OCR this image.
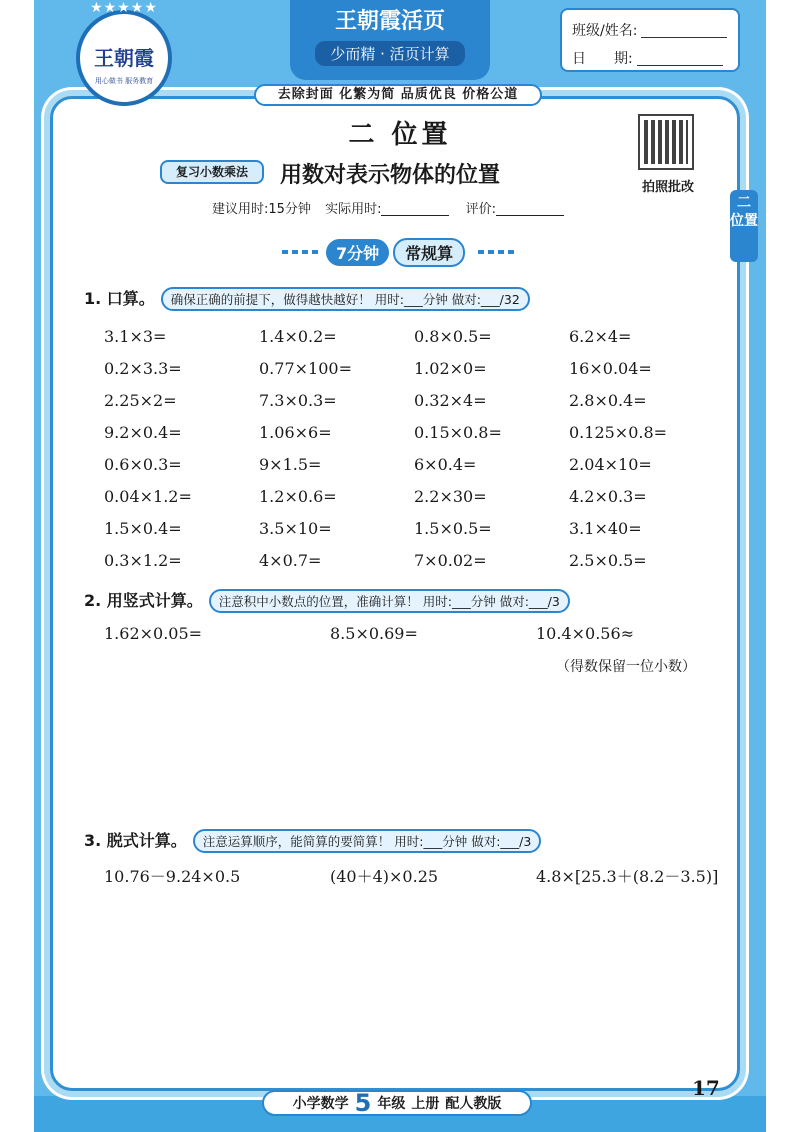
★★★★★
王朝霞
用心做书 服务教育
王朝霞活页
少而精 · 活页计算
班级/姓名:
日　　期:
去除封面 化繁为简 品质优良 价格公道
拍照批改
二 位置
二 位置
复习小数乘法	用数对表示物体的位置
建议用时:15分钟 实际用时:	评价:
7分钟	常规算
1. 口算。 确保正确的前提下，做得越快越好！ 用时:___分钟 做对:___/32
3.1×3=	1.4×0.2=	0.8×0.5=	6.2×4=
0.2×3.3=	0.77×100=	1.02×0=	16×0.04=
2.25×2=	7.3×0.3=	0.32×4=	2.8×0.4=
9.2×0.4=	1.06×6=	0.15×0.8=	0.125×0.8=
0.6×0.3=	9×1.5=	6×0.4=	2.04×10=
0.04×1.2=	1.2×0.6=	2.2×30=	4.2×0.3=
1.5×0.4=	3.5×10=	1.5×0.5=	3.1×40=
0.3×1.2=	4×0.7=	7×0.02=	2.5×0.5=
2. 用竖式计算。 注意积中小数点的位置，准确计算！ 用时:___分钟 做对:___/3
1.62×0.05=	8.5×0.69=	10.4×0.56≈
（得数保留一位小数）
3. 脱式计算。 注意运算顺序，能简算的要简算！ 用时:___分钟 做对:___/3
10.76－9.24×0.5	(40＋4)×0.25	4.8×[25.3＋(8.2－3.5)]
小学数学 5 年级 上册 配人教版
17
